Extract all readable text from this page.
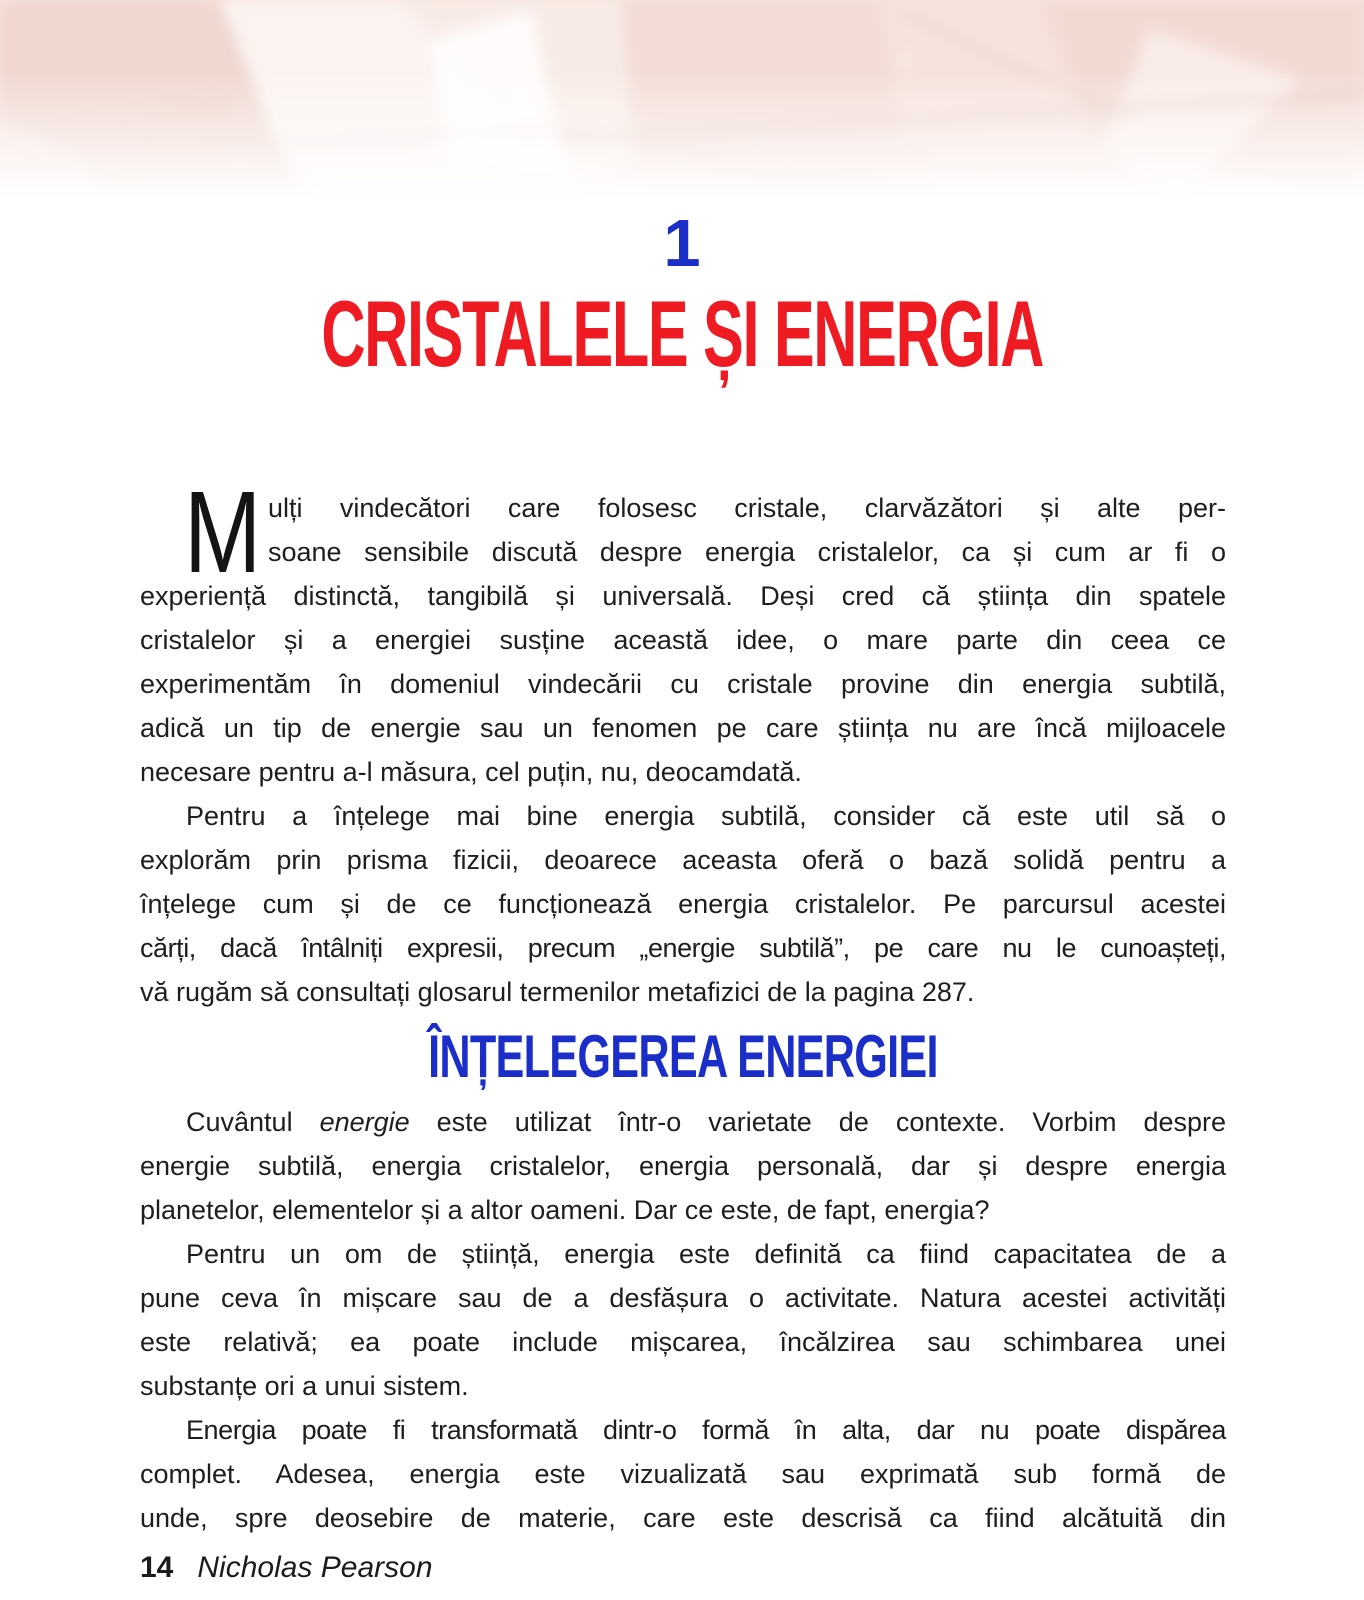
1
CRISTALELE ȘI ENERGIA
M ulți vindecători care folosesc cristale, clarvăzători și alte per-
soane sensibile discută despre energia cristalelor, ca și cum ar fi o
experiență distinctă, tangibilă și universală. Deși cred că știința din spatele
cristalelor și a energiei susține această idee, o mare parte din ceea ce
experimentăm în domeniul vindecării cu cristale provine din energia subtilă,
adică un tip de energie sau un fenomen pe care știința nu are încă mijloacele
necesare pentru a-l măsura, cel puțin, nu, deocamdată.
Pentru a înțelege mai bine energia subtilă, consider că este util să o
explorăm prin prisma fizicii, deoarece aceasta oferă o bază solidă pentru a
înțelege cum și de ce funcționează energia cristalelor. Pe parcursul acestei
cărți, dacă întâlniți expresii, precum „energie subtilă”, pe care nu le cunoașteți,
vă rugăm să consultați glosarul termenilor metafizici de la pagina 287.
ÎNȚELEGEREA ENERGIEI
Cuvântul energie este utilizat într-o varietate de contexte. Vorbim despre
energie subtilă, energia cristalelor, energia personală, dar și despre energia
planetelor, elementelor și a altor oameni. Dar ce este, de fapt, energia?
Pentru un om de știință, energia este definită ca fiind capacitatea de a
pune ceva în mișcare sau de a desfășura o activitate. Natura acestei activități
este relativă; ea poate include mișcarea, încălzirea sau schimbarea unei
substanțe ori a unui sistem.
Energia poate fi transformată dintr-o formă în alta, dar nu poate dispărea
complet. Adesea, energia este vizualizată sau exprimată sub formă de
unde, spre deosebire de materie, care este descrisă ca fiind alcătuită din
14 Nicholas Pearson
